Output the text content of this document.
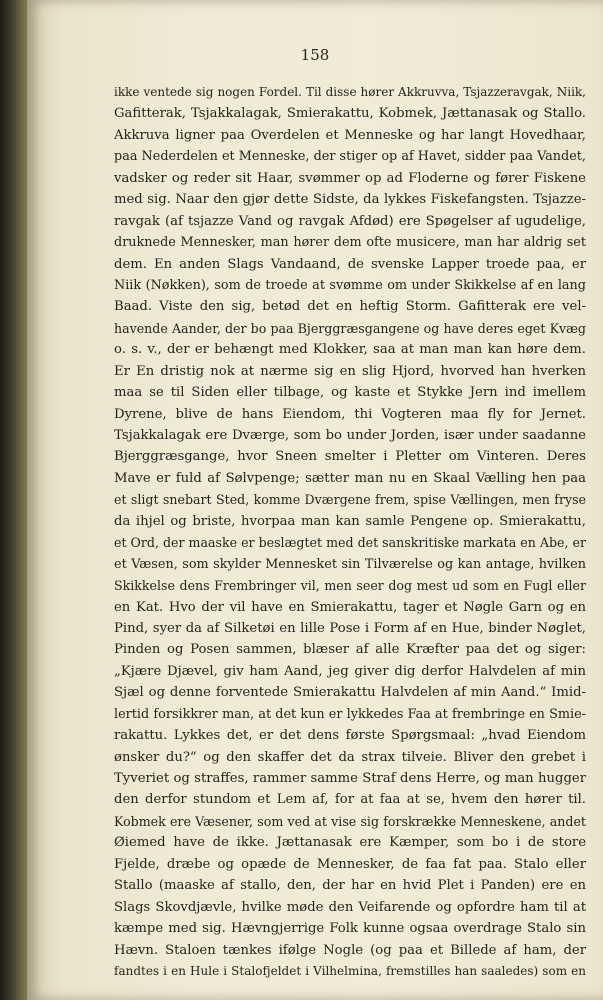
158
ikke ventede sig nogen Fordel. Til disse hører Akkruvva, Tsjazzeravgak, Niik,
Gafitterak, Tsjakkalagak, Smierakattu, Kobmek, Jættanasak og Stallo.
Akkruva ligner paa Overdelen et Menneske og har langt Hovedhaar,
paa Nederdelen et Menneske, der stiger op af Havet, sidder paa Vandet,
vadsker og reder sit Haar, svømmer op ad Floderne og fører Fiskene
med sig. Naar den gjør dette Sidste, da lykkes Fiskefangsten. Tsjazze-
ravgak (af tsjazze Vand og ravgak Afdød) ere Spøgelser af ugudelige,
druknede Mennesker, man hører dem ofte musicere, man har aldrig set
dem. En anden Slags Vandaand, de svenske Lapper troede paa, er
Niik (Nøkken), som de troede at svømme om under Skikkelse af en lang
Baad. Viste den sig, betød det en heftig Storm. Gafitterak ere vel-
havende Aander, der bo paa Bjerggræsgangene og have deres eget Kvæg
o. s. v., der er behængt med Klokker, saa at man man kan høre dem.
Er En dristig nok at nærme sig en slig Hjord, hvorved han hverken
maa se til Siden eller tilbage, og kaste et Stykke Jern ind imellem
Dyrene, blive de hans Eiendom, thi Vogteren maa fly for Jernet.
Tsjakkalagak ere Dværge, som bo under Jorden, især under saadanne
Bjerggræsgange, hvor Sneen smelter i Pletter om Vinteren. Deres
Mave er fuld af Sølvpenge; sætter man nu en Skaal Vælling hen paa
et sligt snebart Sted, komme Dværgene frem, spise Vællingen, men fryse
da ihjel og briste, hvorpaa man kan samle Pengene op. Smierakattu,
et Ord, der maaske er beslægtet med det sanskritiske markata en Abe, er
et Væsen, som skylder Mennesket sin Tilværelse og kan antage, hvilken
Skikkelse dens Frembringer vil, men seer dog mest ud som en Fugl eller
en Kat. Hvo der vil have en Smierakattu, tager et Nøgle Garn og en
Pind, syer da af Silketøi en lille Pose i Form af en Hue, binder Nøglet,
Pinden og Posen sammen, blæser af alle Kræfter paa det og siger:
„Kjære Djævel, giv ham Aand, jeg giver dig derfor Halvdelen af min
Sjæl og denne forventede Smierakattu Halvdelen af min Aand.“ Imid-
lertid forsikkrer man, at det kun er lykkedes Faa at frembringe en Smie-
rakattu. Lykkes det, er det dens første Spørgsmaal: „hvad Eiendom
ønsker du?“ og den skaffer det da strax tilveie. Bliver den grebet i
Tyveriet og straffes, rammer samme Straf dens Herre, og man hugger
den derfor stundom et Lem af, for at faa at se, hvem den hører til.
Kobmek ere Væsener, som ved at vise sig forskrække Menneskene, andet
Øiemed have de ikke. Jættanasak ere Kæmper, som bo i de store
Fjelde, dræbe og opæde de Mennesker, de faa fat paa. Stalo eller
Stallo (maaske af stallo, den, der har en hvid Plet i Panden) ere en
Slags Skovdjævle, hvilke møde den Veifarende og opfordre ham til at
kæmpe med sig. Hævngjerrige Folk kunne ogsaa overdrage Stalo sin
Hævn. Staloen tænkes ifølge Nogle (og paa et Billede af ham, der
fandtes i en Hule i Stalofjeldet i Vilhelmina, fremstilles han saaledes) som en
